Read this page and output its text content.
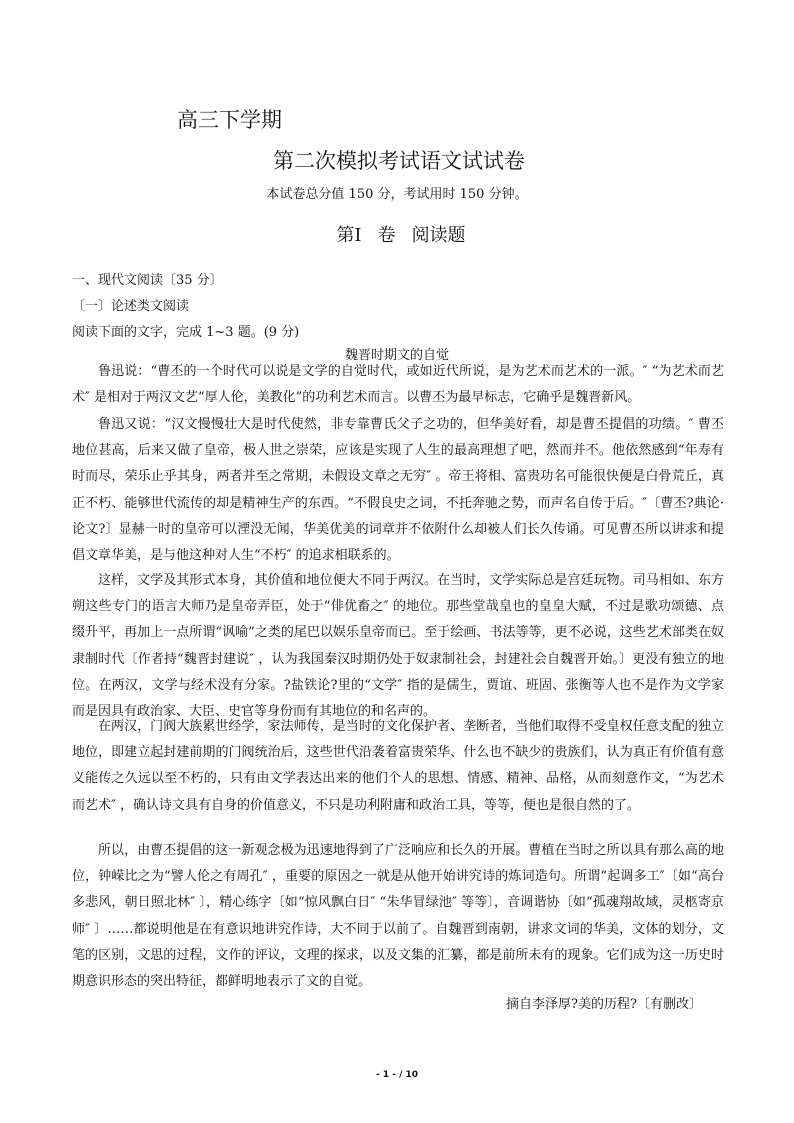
高三下学期
第二次模拟考试语文试试卷
本试卷总分值 150 分，考试用时 150 分钟。
第Ⅰ 卷 阅读题
一、现代文阅读〔35 分〕
〔一〕论述类文阅读
阅读下面的文字，完成 1~3 题。(9 分)
魏晋时期文的自觉

鲁迅说：“曹丕的一个时代可以说是文学的自觉时代，或如近代所说，是为艺术而艺术的一派。″ “为艺术而艺术″ 是相对于两汉文艺“厚人伦，美教化”的功利艺术而言。以曹丕为最早标志，它确乎是魏晋新风。

鲁迅又说：“汉文慢慢壮大是时代使然，非专靠曹氏父子之功的，但华美好看，却是曹丕提倡的功绩。″ 曹丕地位甚高，后来又做了皇帝，极人世之崇荣，应该是实现了人生的最高理想了吧，然而并不。他依然感到“年寿有时而尽，荣乐止乎其身，两者并至之常期，未假设文章之无穷″ 。帝王将相、富贵功名可能很快便是白骨荒丘，真正不朽、能够世代流传的却是精神生产的东西。“不假良史之词，不托奔驰之势，而声名自传于后。″〔曹丕?典论·论文?〕显赫一时的皇帝可以湮没无闻，华美优美的词章并不依附什么却被人们长久传诵。可见曹丕所以讲求和提倡文章华美，是与他这种对人生“不朽″ 的追求相联系的。

这样，文学及其形式本身，其价值和地位便大不同于两汉。在当时，文学实际总是宫廷玩物。司马相如、东方朔这些专门的语言大师乃是皇帝弄臣，处于“俳优畜之″ 的地位。那些堂哉皇也的皇皇大赋，不过是歌功颂德、点缀升平，再加上一点所谓“讽喻”之类的尾巴以娱乐皇帝而已。至于绘画、书法等等，更不必说，这些艺术部类在奴隶制时代〔作者持“魏晋封建说″ ，认为我国秦汉时期仍处于奴隶制社会，封建社会自魏晋开始。〕更没有独立的地位。在两汉，文学与经术没有分家。?盐铁论?里的“文学″ 指的是儒生，贾谊、班固、张衡等人也不是作为文学家而是因具有政治家、大臣、史官等身份而有其地位的和名声的。

在两汉，门阀大族累世经学，家法师传，是当时的文化保护者、垄断者，当他们取得不受皇权任意支配的独立地位，即建立起封建前期的门阀统治后，这些世代沿袭着富贵荣华、什么也不缺少的贵族们，认为真正有价值有意义能传之久远以至不朽的，只有由文学表达出来的他们个人的思想、情感、精神、品格，从而刻意作文，“为艺术而艺术″ ，确认诗文具有自身的价值意义，不只是功利附庸和政治工具，等等，便也是很自然的了。

所以，由曹丕提倡的这一新观念极为迅速地得到了广泛响应和长久的开展。曹植在当时之所以具有那么高的地位，钟嵘比之为“譬人伦之有周孔″ ，重要的原因之一就是从他开始讲究诗的炼词造句。所谓“起调多工″〔如“高台多悲风，朝日照北林″ 〕，精心练字〔如“惊风飘白日″ “朱华冒绿池″ 等等〕，音调谐协〔如“孤魂翔故域，灵柩寄京师″ 〕……都说明他是在有意识地讲究作诗，大不同于以前了。自魏晋到南朝，讲求文词的华美，文体的划分，文笔的区别，文思的过程，文作的评议，文理的探求，以及文集的汇纂，都是前所未有的现象。它们成为这一历史时期意识形态的突出特征，都鲜明地表示了文的自觉。

摘自李泽厚?美的历程?〔有删改〕
- 1 - / 10
